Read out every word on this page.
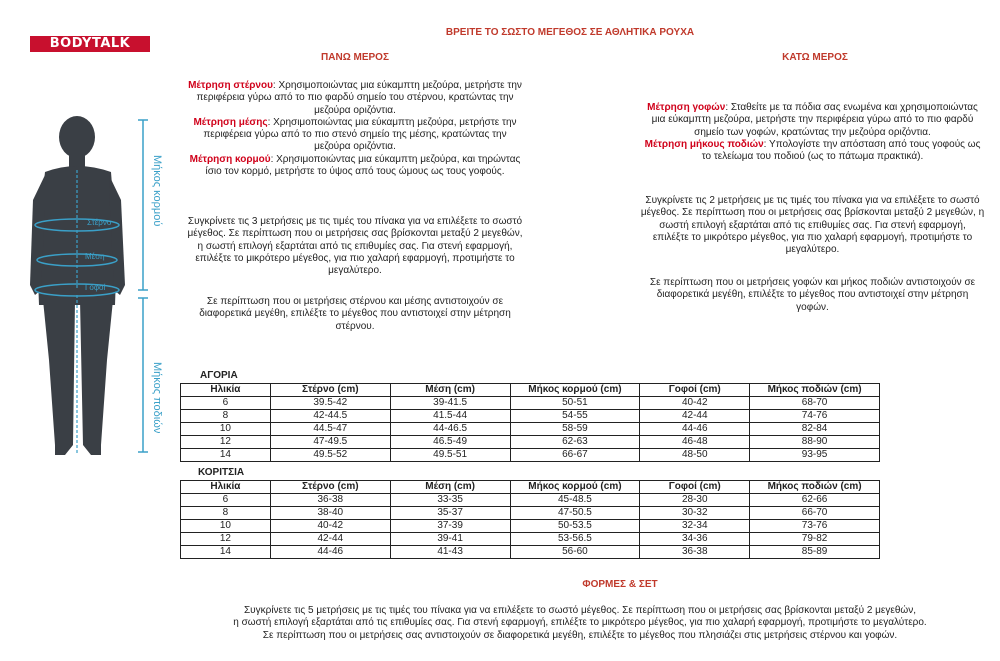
BODYTALK
ΒΡΕΙΤΕ ΤΟ ΣΩΣΤΟ ΜΕΓΕΘΟΣ ΣΕ ΑΘΛΗΤΙΚΑ ΡΟΥΧΑ
Στέρνο
Μέση
Γοφοί
Μήκος κορμού
Μήκος ποδιών
ΠΑΝΩ ΜΕΡΟΣ
Μέτρηση στέρνου: Χρησιμοποιώντας μια εύκαμπτη μεζούρα, μετρήστε την περιφέρεια γύρω από το πιο φαρδύ σημείο του στέρνου, κρατώντας την μεζούρα οριζόντια.
Μέτρηση μέσης: Χρησιμοποιώντας μια εύκαμπτη μεζούρα, μετρήστε την περιφέρεια γύρω από το πιο στενό σημείο της μέσης, κρατώντας την μεζούρα οριζόντια.
Μέτρηση κορμού: Χρησιμοποιώντας μια εύκαμπτη μεζούρα, και τηρώντας ίσιο τον κορμό, μετρήστε το ύψος από τους ώμους ως τους γοφούς.
Συγκρίνετε τις 3 μετρήσεις με τις τιμές του πίνακα για να επιλέξετε το σωστό μέγεθος. Σε περίπτωση που οι μετρήσεις σας βρίσκονται μεταξύ 2 μεγεθών, η σωστή επιλογή εξαρτάται από τις επιθυμίες σας. Για στενή εφαρμογή, επιλέξτε το μικρότερο μέγεθος, για πιο χαλαρή εφαρμογή, προτιμήστε το μεγαλύτερο.
Σε περίπτωση που οι μετρήσεις στέρνου και μέσης αντιστοιχούν σε διαφορετικά μεγέθη, επιλέξτε το μέγεθος που αντιστοιχεί στην μέτρηση στέρνου.
ΚΑΤΩ ΜΕΡΟΣ
Μέτρηση γοφών: Σταθείτε με τα πόδια σας ενωμένα και χρησιμοποιώντας μια εύκαμπτη μεζούρα, μετρήστε την περιφέρεια γύρω από το πιο φαρδύ σημείο των γοφών, κρατώντας την μεζούρα οριζόντια.
Μέτρηση μήκους ποδιών: Υπολογίστε την απόσταση από τους γοφούς ως το τελείωμα του ποδιού (ως το πάτωμα πρακτικά).
Συγκρίνετε τις 2 μετρήσεις με τις τιμές του πίνακα για να επιλέξετε το σωστό μέγεθος. Σε περίπτωση που οι μετρήσεις σας βρίσκονται μεταξύ 2 μεγεθών, η σωστή επιλογή εξαρτάται από τις επιθυμίες σας. Για στενή εφαρμογή, επιλέξτε το μικρότερο μέγεθος, για πιο χαλαρή εφαρμογή, προτιμήστε το μεγαλύτερο.
Σε περίπτωση που οι μετρήσεις γοφών και μήκος ποδιών αντιστοιχούν σε διαφορετικά μεγέθη, επιλέξτε το μέγεθος που αντιστοιχεί στην μέτρηση γοφών.
ΑΓΟΡΙΑ
Ηλικία	Στέρνο (cm)	Μέση (cm)	Μήκος κορμού (cm)	Γοφοί (cm)	Μήκος ποδιών (cm)
6	39.5-42	39-41.5	50-51	40-42	68-70
8	42-44.5	41.5-44	54-55	42-44	74-76
10	44.5-47	44-46.5	58-59	44-46	82-84
12	47-49.5	46.5-49	62-63	46-48	88-90
14	49.5-52	49.5-51	66-67	48-50	93-95
ΚΟΡΙΤΣΙΑ
Ηλικία	Στέρνο (cm)	Μέση (cm)	Μήκος κορμού (cm)	Γοφοί (cm)	Μήκος ποδιών (cm)
6	36-38	33-35	45-48.5	28-30	62-66
8	38-40	35-37	47-50.5	30-32	66-70
10	40-42	37-39	50-53.5	32-34	73-76
12	42-44	39-41	53-56.5	34-36	79-82
14	44-46	41-43	56-60	36-38	85-89
ΦΟΡΜΕΣ & ΣΕΤ
Συγκρίνετε τις 5 μετρήσεις με τις τιμές του πίνακα για να επιλέξετε το σωστό μέγεθος. Σε περίπτωση που οι μετρήσεις σας βρίσκονται μεταξύ 2 μεγεθών,
η σωστή επιλογή εξαρτάται από τις επιθυμίες σας. Για στενή εφαρμογή, επιλέξτε το μικρότερο μέγεθος, για πιο χαλαρή εφαρμογή, προτιμήστε το μεγαλύτερο.
Σε περίπτωση που οι μετρήσεις σας αντιστοιχούν σε διαφορετικά μεγέθη, επιλέξτε το μέγεθος που πλησιάζει στις μετρήσεις στέρνου και γοφών.
